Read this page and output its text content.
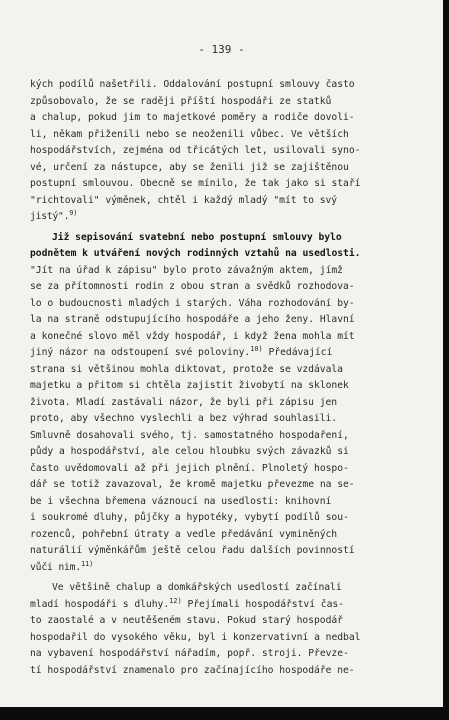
- 139 -

kých podílů našetřili. Oddalování postupní smlouvy často

způsobovalo, že se raději příští hospodáři ze statků

a chalup, pokud jim to majetkové poměry a rodiče dovoli-

li, někam přiženili nebo se neoženili vůbec. Ve větších

hospodářstvích, zejména od třicátých let, usilovali syno-

vé, určení za nástupce, aby se ženili již se zajištěnou

postupní smlouvou. Obecně se mínilo, že tak jako si staří

"richtovali" výměnek, chtěl i každý mladý "mít to svý

jistý".$^{9)}$

Již sepisování svatební nebo postupní smlouvy bylo

podnětem k utváření nových rodinných vztahů na usedlosti.

"Jít na úřad k zápisu" bylo proto závažným aktem, jímž

se za přítomnosti rodin z obou stran a svědků rozhodova-

lo o budoucnosti mladých i starých. Váha rozhodování by-

la na straně odstupujícího hospodáře a jeho ženy. Hlavní

a konečné slovo měl vždy hospodář, i když žena mohla mít

jiný názor na odstoupení své poloviny.$^{10)}$ Předávající

strana si většinou mohla diktovat, protože se vzdávala

majetku a přitom si chtěla zajistit živobytí na sklonek

života. Mladí zastávali názor, že byli při zápisu jen

proto, aby všechno vyslechli a bez výhrad souhlasili.

Smluvně dosahovali svého, tj. samostatného hospodaření,

půdy a hospodářství, ale celou hloubku svých závazků si

často uvědomovali až při jejich plnění. Plnoletý hospo-

dář se totiž zavazoval, že kromě majetku převezme na se-

be i všechna břemena váznoucí na usedlosti: knihovní

i soukromé dluhy, půjčky a hypotéky, vybytí podílů sou-

rozenců, pohřební útraty a vedle předávání vyminěných

naturálií výměnkářům ještě celou řadu dalších povinností

vůči nim.$^{11)}$

Ve většině chalup a domkářských usedlostí začínali

mladí hospodáři s dluhy.$^{12)}$ Přejímali hospodářství čas-

to zaostalé a v neutěšeném stavu. Pokud starý hospodář

hospodařil do vysokého věku, byl i konzervativní a nedbal

na vybavení hospodářství nářadím, popř. stroji. Převze-

tí hospodářství znamenalo pro začínajícího hospodáře ne-
